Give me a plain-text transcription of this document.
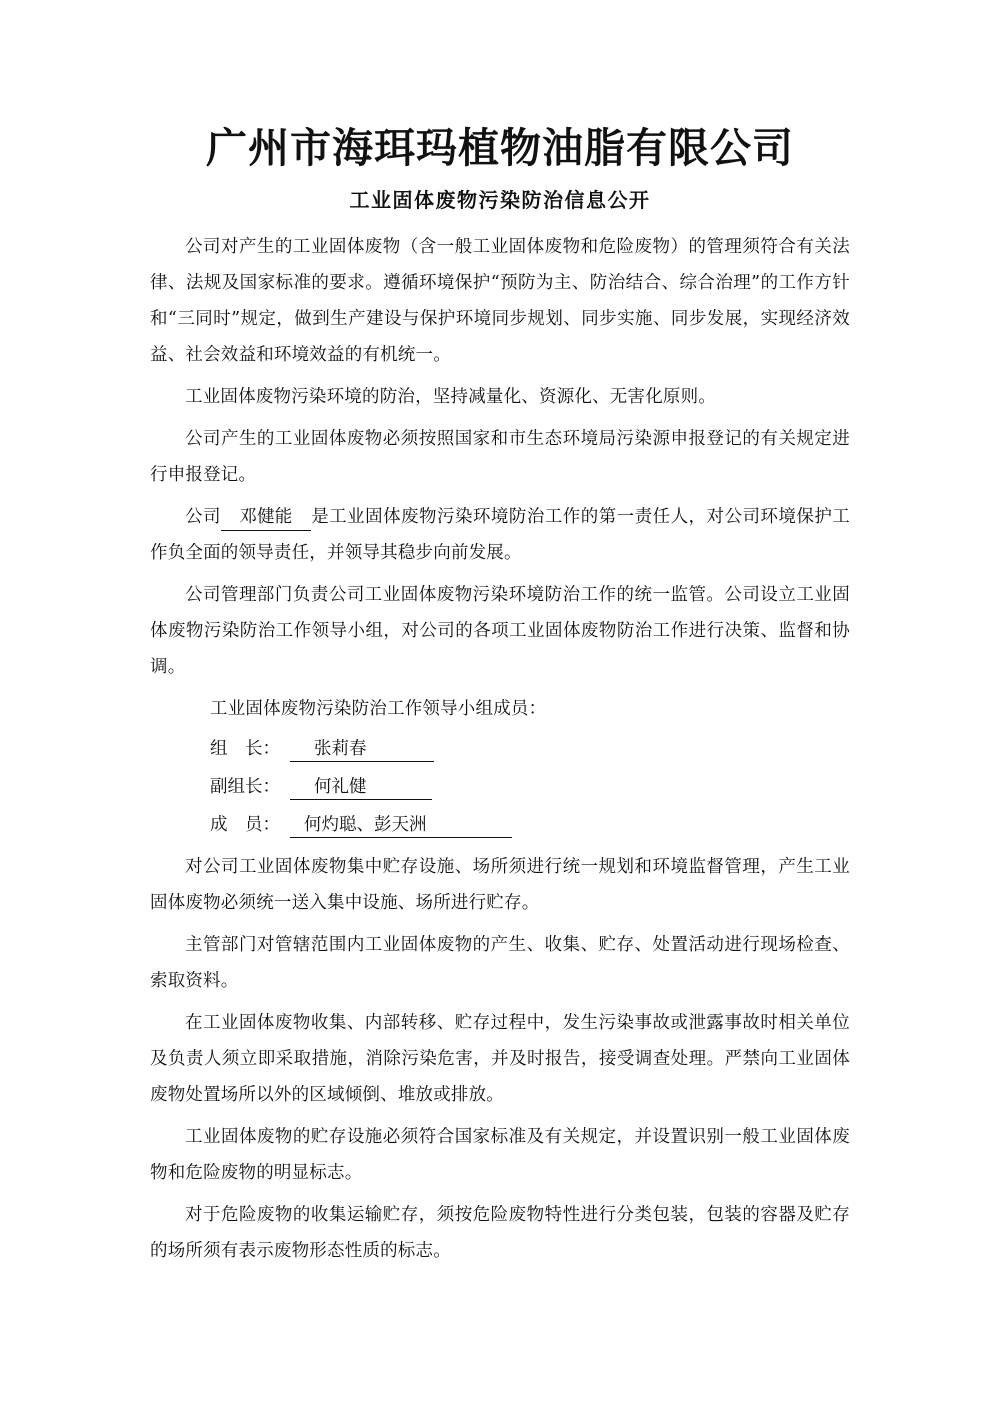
广州市海珥玛植物油脂有限公司
工业固体废物污染防治信息公开

公司对产生的工业固体废物（含一般工业固体废物和危险废物）的管理须符合有关法律、法规及国家标准的要求。遵循环境保护“预防为主、防治结合、综合治理”的工作方针和“三同时”规定，做到生产建设与保护环境同步规划、同步实施、同步发展，实现经济效益、社会效益和环境效益的有机统一。

工业固体废物污染环境的防治，坚持减量化、资源化、无害化原则。

公司产生的工业固体废物必须按照国家和市生态环境局污染源申报登记的有关规定进行申报登记。

公司 邓健能 是工业固体废物污染环境防治工作的第一责任人，对公司环境保护工作负全面的领导责任，并领导其稳步向前发展。

公司管理部门负责公司工业固体废物污染环境防治工作的统一监管。公司设立工业固体废物污染防治工作领导小组，对公司的各项工业固体废物防治工作进行决策、监督和协调。

工业固体废物污染防治工作领导小组成员：

组　长：	张莉春
副组长：	何礼健
成　员：	何灼聪、彭天洲

对公司工业固体废物集中贮存设施、场所须进行统一规划和环境监督管理，产生工业固体废物必须统一送入集中设施、场所进行贮存。

主管部门对管辖范围内工业固体废物的产生、收集、贮存、处置活动进行现场检查、索取资料。

在工业固体废物收集、内部转移、贮存过程中，发生污染事故或泄露事故时相关单位及负责人须立即采取措施，消除污染危害，并及时报告，接受调查处理。严禁向工业固体废物处置场所以外的区域倾倒、堆放或排放。

工业固体废物的贮存设施必须符合国家标准及有关规定，并设置识别一般工业固体废物和危险废物的明显标志。

对于危险废物的收集运输贮存，须按危险废物特性进行分类包装，包装的容器及贮存的场所须有表示废物形态性质的标志。
